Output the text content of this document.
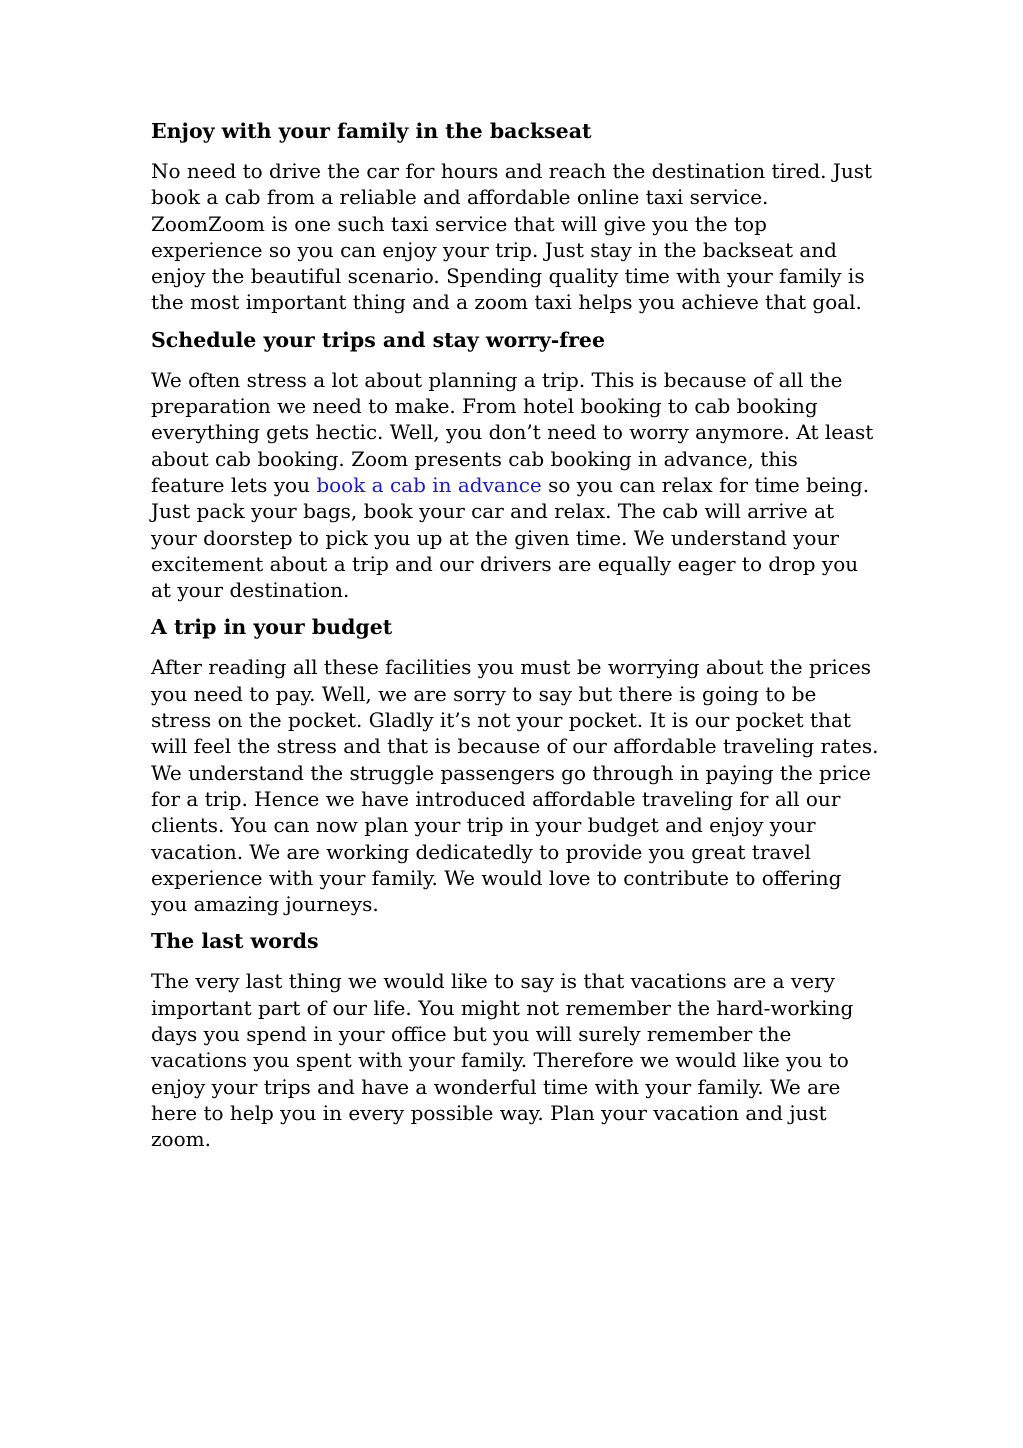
Enjoy with your family in the backseat

No need to drive the car for hours and reach the destination tired. Just
book a cab from a reliable and affordable online taxi service.
ZoomZoom is one such taxi service that will give you the top
experience so you can enjoy your trip. Just stay in the backseat and
enjoy the beautiful scenario. Spending quality time with your family is
the most important thing and a zoom taxi helps you achieve that goal.

Schedule your trips and stay worry-free

We often stress a lot about planning a trip. This is because of all the
preparation we need to make. From hotel booking to cab booking
everything gets hectic. Well, you don’t need to worry anymore. At least
about cab booking. Zoom presents cab booking in advance, this
feature lets you book a cab in advance so you can relax for time being.
Just pack your bags, book your car and relax. The cab will arrive at
your doorstep to pick you up at the given time. We understand your
excitement about a trip and our drivers are equally eager to drop you
at your destination.

A trip in your budget

After reading all these facilities you must be worrying about the prices
you need to pay. Well, we are sorry to say but there is going to be
stress on the pocket. Gladly it’s not your pocket. It is our pocket that
will feel the stress and that is because of our affordable traveling rates.
We understand the struggle passengers go through in paying the price
for a trip. Hence we have introduced affordable traveling for all our
clients. You can now plan your trip in your budget and enjoy your
vacation. We are working dedicatedly to provide you great travel
experience with your family. We would love to contribute to offering
you amazing journeys.

The last words

The very last thing we would like to say is that vacations are a very
important part of our life. You might not remember the hard-working
days you spend in your office but you will surely remember the
vacations you spent with your family. Therefore we would like you to
enjoy your trips and have a wonderful time with your family. We are
here to help you in every possible way. Plan your vacation and just
zoom.
